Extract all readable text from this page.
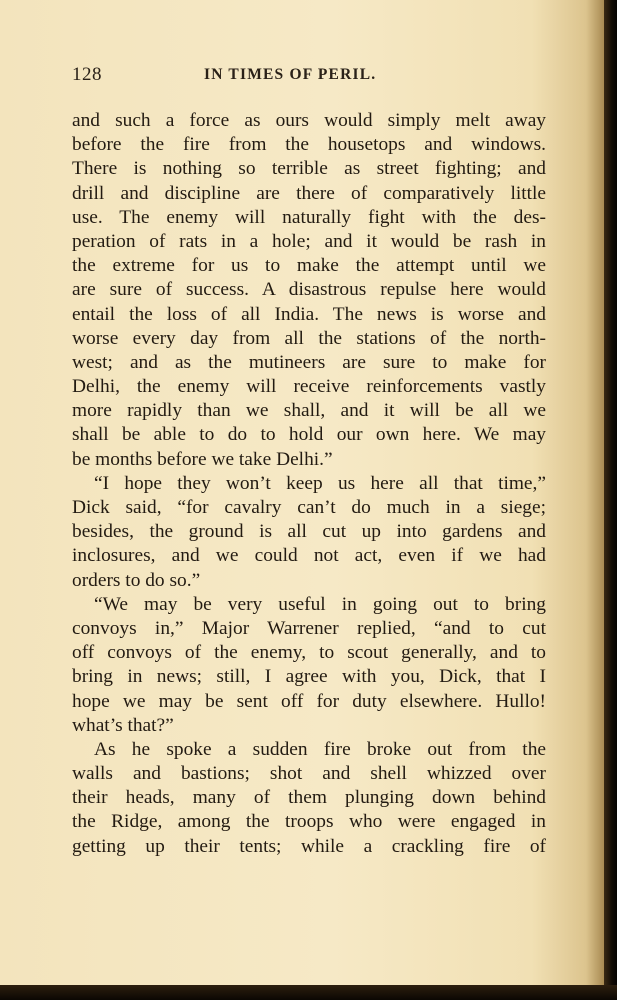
128	IN TIMES OF PERIL.
and such a force as ours would simply melt away
before the fire from the housetops and windows.
There is nothing so terrible as street fighting; and
drill and discipline are there of comparatively little
use. The enemy will naturally fight with the des-
peration of rats in a hole; and it would be rash in
the extreme for us to make the attempt until we
are sure of success. A disastrous repulse here would
entail the loss of all India. The news is worse and
worse every day from all the stations of the north-
west; and as the mutineers are sure to make for
Delhi, the enemy will receive reinforcements vastly
more rapidly than we shall, and it will be all we
shall be able to do to hold our own here. We may
be months before we take Delhi.”
“I hope they won’t keep us here all that time,”
Dick said, “for cavalry can’t do much in a siege;
besides, the ground is all cut up into gardens and
inclosures, and we could not act, even if we had
orders to do so.”
“We may be very useful in going out to bring
convoys in,” Major Warrener replied, “and to cut
off convoys of the enemy, to scout generally, and to
bring in news; still, I agree with you, Dick, that I
hope we may be sent off for duty elsewhere. Hullo!
what’s that?”
As he spoke a sudden fire broke out from the
walls and bastions; shot and shell whizzed over
their heads, many of them plunging down behind
the Ridge, among the troops who were engaged in
getting up their tents; while a crackling fire of
